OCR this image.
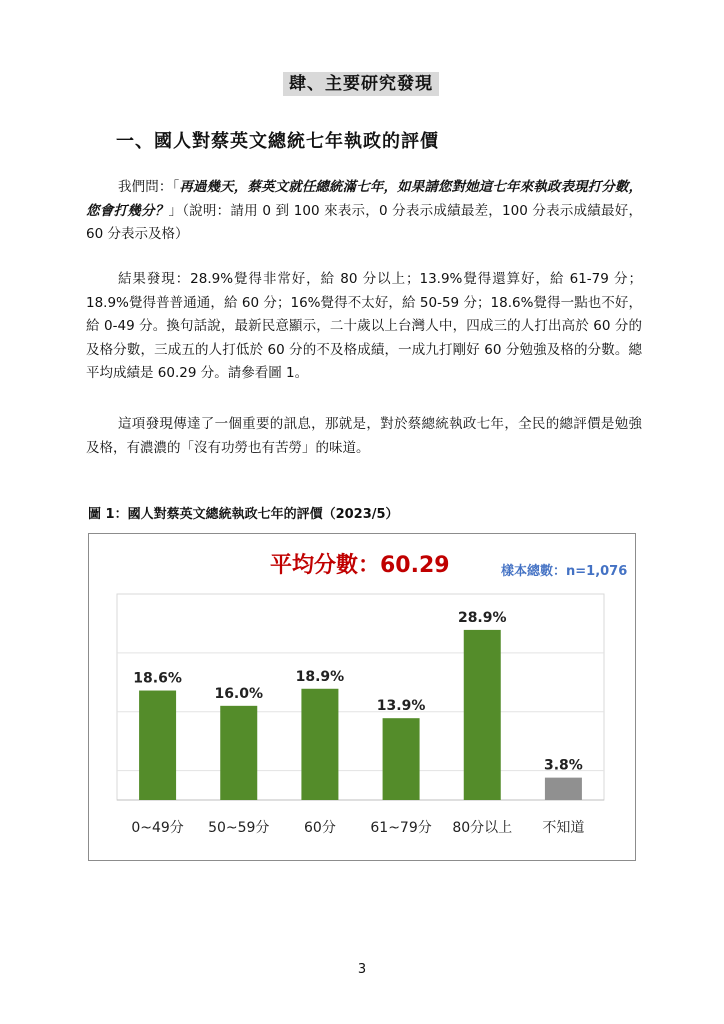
肆、主要研究發現
一、國人對蔡英文總統七年執政的評價
我們問：「再過幾天，蔡英文就任總統滿七年，如果請您對她這七年來執政表現打分數，您會打幾分？」（說明：請用 0 到 100 來表示，0 分表示成績最差，100 分表示成績最好，60 分表示及格）
結果發現：28.9%覺得非常好，給 80 分以上；13.9%覺得還算好，給 61-79 分；18.9%覺得普普通通，給 60 分；16%覺得不太好，給 50-59 分；18.6%覺得一點也不好，給 0-49 分。換句話說，最新民意顯示，二十歲以上台灣人中，四成三的人打出高於 60 分的及格分數，三成五的人打低於 60 分的不及格成績，一成九打剛好 60 分勉強及格的分數。總平均成績是 60.29 分。請參看圖 1。
這項發現傳達了一個重要的訊息，那就是，對於蔡總統執政七年，全民的總評價是勉強及格，有濃濃的「沒有功勞也有苦勞」的味道。
圖 1：國人對蔡英文總統執政七年的評價（2023/5）
18.6%
0~49分
16.0%
50~59分
18.9%
60分
13.9%
61~79分
28.9%
80分以上
3.8%
不知道
平均分數：60.29	樣本總數：n=1,076
3
